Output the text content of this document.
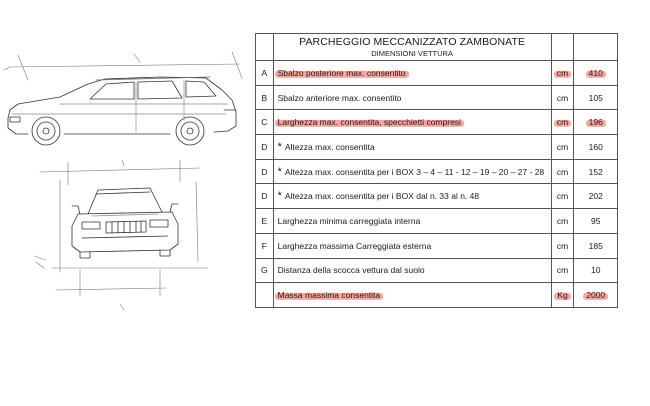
	PARCHEGGIO MECCANIZZATO ZAMBONATE
DIMENSIONI VETTURA		

A	Sbalzo posteriore max. consentito	cm	410
B	Sbalzo anteriore max. consentito	cm	105
C	Larghezza max. consentita, specchietti compresi	cm	196
D	* Altezza max. consentita	cm	160
D	* Altezza max. consentita per i BOX 3 – 4 – 11 - 12 – 19 – 20 – 27 - 28	cm	152
D	* Altezza max. consentita per i BOX dal n. 33 al n. 48	cm	202
E	Larghezza minima carreggiata interna	cm	95
F	Larghezza massima Carreggiata esterna	cm	185
G	Distanza della scocca vettura dal suolo	cm	10
	Massa massima consentita	Kg	2000
